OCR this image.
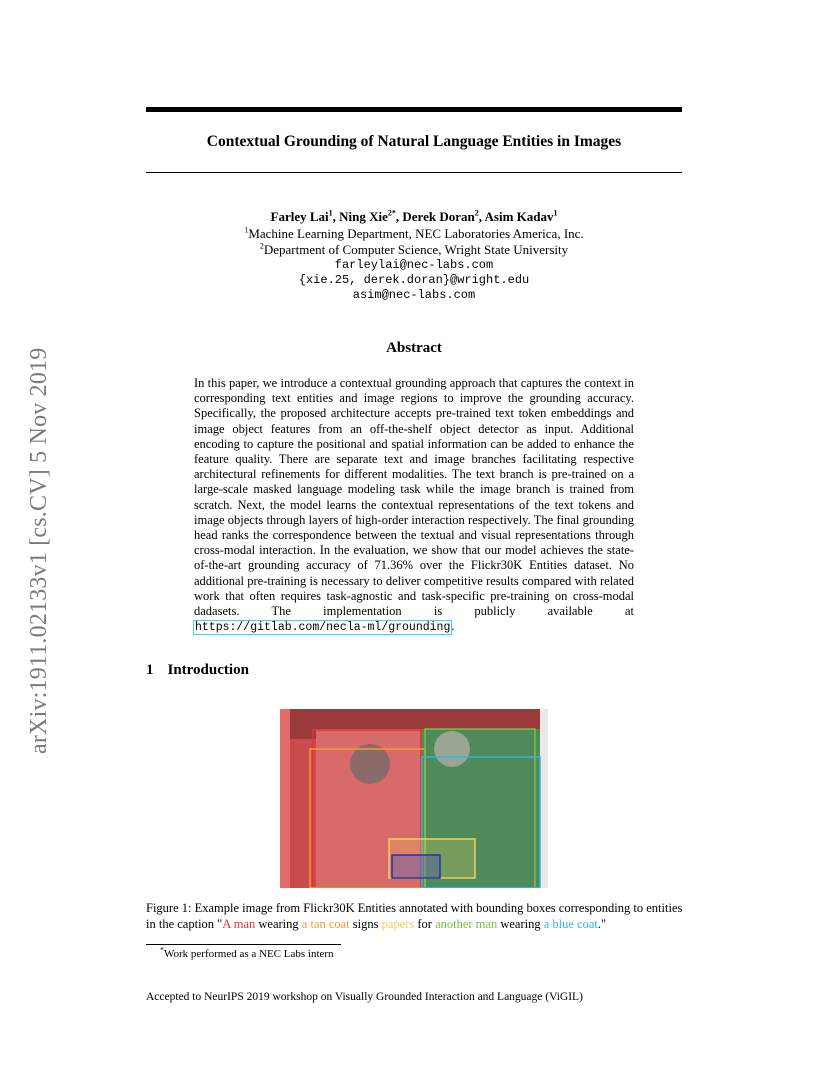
arXiv:1911.02133v1 [cs.CV] 5 Nov 2019
Contextual Grounding of Natural Language Entities in Images
Farley Lai$^1$, Ning Xie$^{2*}$, Derek Doran$^2$, Asim Kadav$^1$
$^1$Machine Learning Department, NEC Laboratories America, Inc.
$^2$Department of Computer Science, Wright State University
farleylai@nec-labs.com
{xie.25, derek.doran}@wright.edu
asim@nec-labs.com
Abstract
In this paper, we introduce a contextual grounding approach that captures the context in corresponding text entities and image regions to improve the grounding accuracy. Specifically, the proposed architecture accepts pre-trained text token embeddings and image object features from an off-the-shelf object detector as input. Additional encoding to capture the positional and spatial information can be added to enhance the feature quality. There are separate text and image branches facilitating respective architectural refinements for different modalities. The text branch is pre-trained on a large-scale masked language modeling task while the image branch is trained from scratch. Next, the model learns the contextual representations of the text tokens and image objects through layers of high-order interaction respectively. The final grounding head ranks the correspondence between the textual and visual representations through cross-modal interaction. In the evaluation, we show that our model achieves the state-of-the-art grounding accuracy of 71.36% over the Flickr30K Entities dataset. No additional pre-training is necessary to deliver competitive results compared with related work that often requires task-agnostic and task-specific pre-training on cross-modal dadasets. The implementation is publicly available at https://gitlab.com/necla-ml/grounding.
1 Introduction
Figure 1: Example image from Flickr30K Entities annotated with bounding boxes corresponding to entities in the caption "A man wearing a tan coat signs papers for another man wearing a blue coat."
*Work performed as a NEC Labs intern
Accepted to NeurIPS 2019 workshop on Visually Grounded Interaction and Language (ViGIL)
